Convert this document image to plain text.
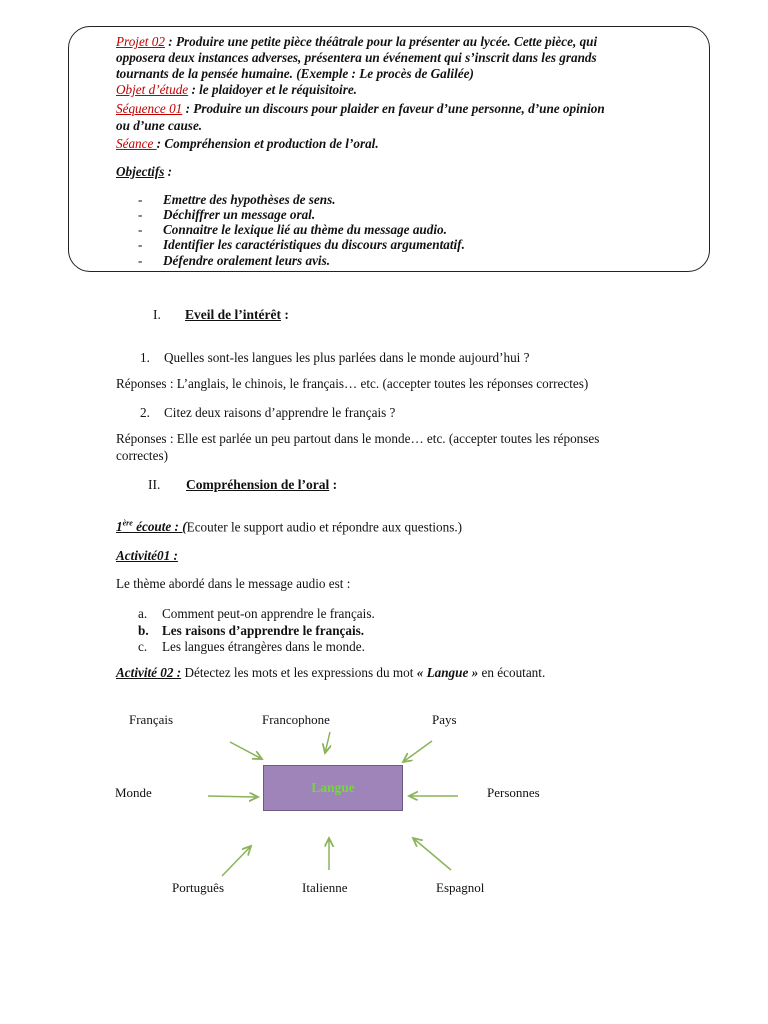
Projet 02 : Produire une petite pièce théâtrale pour la présenter au lycée. Cette pièce, qui
opposera deux instances adverses, présentera un événement qui s’inscrit dans les grands
tournants de la pensée humaine. (Exemple : Le procès de Galilée)
Objet d’étude : le plaidoyer et le réquisitoire.
Séquence 01 : Produire un discours pour plaider en faveur d’une personne, d’une opinion
ou d’une cause.
Séance : Compréhension et production de l’oral.
Objectifs :
- Emettre des hypothèses de sens.
- Déchiffrer un message oral.
- Connaitre le lexique lié au thème du message audio.
- Identifier les caractéristiques du discours argumentatif.
- Défendre oralement leurs avis.
I. Eveil de l’intérêt :
1. Quelles sont-les langues les plus parlées dans le monde aujourd’hui ?
Réponses : L’anglais, le chinois, le français… etc. (accepter toutes les réponses correctes)
2. Citez deux raisons d’apprendre le français ?
Réponses : Elle est parlée un peu partout dans le monde… etc. (accepter toutes les réponses
correctes)
II. Compréhension de l’oral :
1ère écoute : (Ecouter le support audio et répondre aux questions.)
Activité01 :
Le thème abordé dans le message audio est :
a. Comment peut-on apprendre le français.
b. Les raisons d’apprendre le français.
c. Les langues étrangères dans le monde.
Activité 02 : Détectez les mots et les expressions du mot « Langue » en écoutant.
Français	Francophone	Pays
Monde	Personnes
Português	Italienne	Espagnol
Langue
